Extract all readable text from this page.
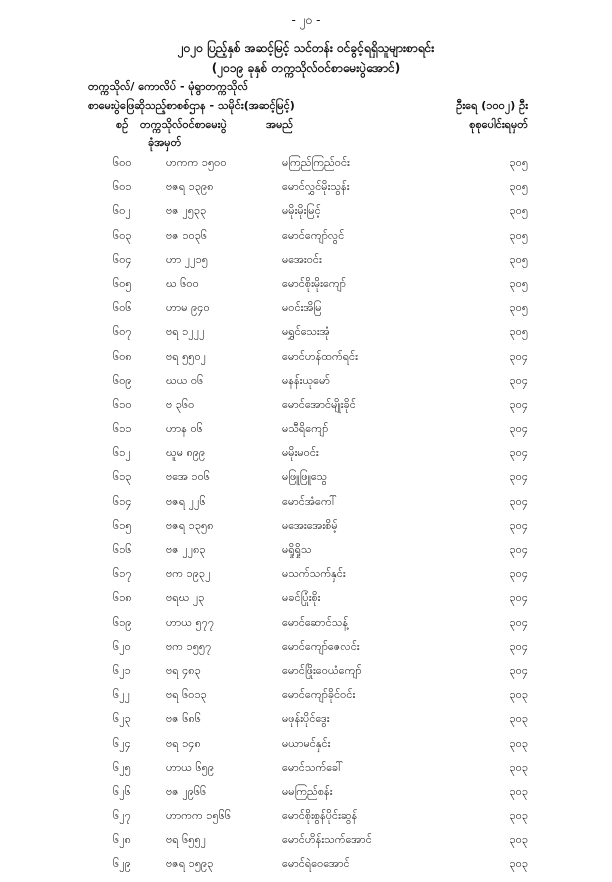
- ၂၀ -
၂၀၂၀ ပြည့်နှစ် အဆင့်မြင့် သင်တန်း ဝင်ခွင့်ရရှိသူများစာရင်း
(၂၀၁၉ ခုနှစ် တက္ကသိုလ်ဝင်စာမေးပွဲအောင်)
တက္ကသိုလ်/ ကောလိပ် - မုံရွာတက္ကသိုလ်
စာမေးပွဲဖြေဆိုသည့်စာစစ်ဌာန - သမိုင်း(အဆင့်မြင့်)	ဦးရေ (၁၀၀၂) ဦး
စဉ် တက္ကသိုလ်ဝင်စာမေးပွဲ
ခုံအမှတ်
အမည်	စုစုပေါင်းရမှတ်
၆၀၀	ဟကက ၁၅၀၀	မကြည်ကြည်ဝင်း	၃၀၅
၆၀၁	ဗဇရ ၁၃၉၈	မောင်လွှင်မိုးသွန်း	၃၀၅
၆၀၂	ဗဇ ၂၅၃၃	မမိုးမိုးမြင့်	၃၀၅
၆၀၃	ဗဇ ၁၀၃၆	မောင်ကျော်လွင်	၃၀၅
၆၀၄	ဟာ ၂၂၁၅	မအေးဝင်း	၃၀၅
၆၀၅	ဃ ၆၀၀	မောင်စိုးမိုးကျော်	၃၀၅
၆၀၆	ဟာမ ၉၄၀	မဝင်းအိမြ	၃၀၅
၆၀၇	ဗရ ၁၂၂၂	မရွှင်သေးအုံ	၃၀၅
၆၀၈	ဗရ ၅၅၀၂	မောင်ဟန်ထက်ရင်း	၃၀၄
၆၀၉	ဃယ ၀၆	မနန်းယုမော်	၃၀၄
၆၁၀	ဗ ၃၆၀	မောင်အောင်မျိုးခိုင်	၃၀၄
၆၁၁	ဟာန ၀၆	မသီရိကျော်	၃၀၄
၆၁၂	ဃူမ ၈၉၉	မမိုးမဝင်း	၃၀၄
၆၁၃	ဗအေ ၁၀၆	မဖြူဖြူသွေ	၃၀၄
၆၁၄	ဗဇရ ၂၂၆	မောင်အံကေါ်	၃၀၄
၆၁၅	ဗဇရ ၁၃၅၈	မအေးအေးစိမ့်	၃၀၄
၆၁၆	ဗဇ ၂၂၈၃	မရှိုရှိုသ	၃၀၄
၆၁၇	ဗက ၁၉၃၂	မသက်သက်နှင်း	၃၀၄
၆၁၈	ဗရဃ ၂၃	မခင်ပြုံးစိုး	၃၀၄
၆၁၉	ဟာယ ၅၇၇	မောင်ဆောင်သန့်	၃၀၄
၆၂၀	ဗက ၁၅၅၇	မောင်ကျော်ဇေလင်း	၃၀၄
၆၂၁	ဗရ ၄၈၃	မောင်ဖြိုးဝေယံကျော်	၃၀၄
၆၂၂	ဗရ ၆၀၁၃	မောင်ကျော်ခိုင်ဝင်း	၃၀၃
၆၂၃	ဗဇ ၆၈၆	မဖုန်းပိုင်ဒွေး	၃၀၃
၆၂၄	ဗရ ၁၄၈	မယာမင်နှင်း	၃၀၃
၆၂၅	ဟာယ ၆၅၉	မောင်သက်ခေါ်	၃၀၃
၆၂၆	ဗဇ ၂၉၆၆	မမကြည်စန်း	၃၀၃
၆၂၇	ဟာကက ၁၅၆၆	မောင်စိုးစွန်ပိုင်းဆွန်	၃၀၃
၆၂၈	ဗရ ၆၅၅၂	မောင်ဟိန်းသက်အောင်	၃၀၃
၆၂၉	ဗဇရ ၁၅၉၃	မောင်ရဲဝေအောင်	၃၀၃
